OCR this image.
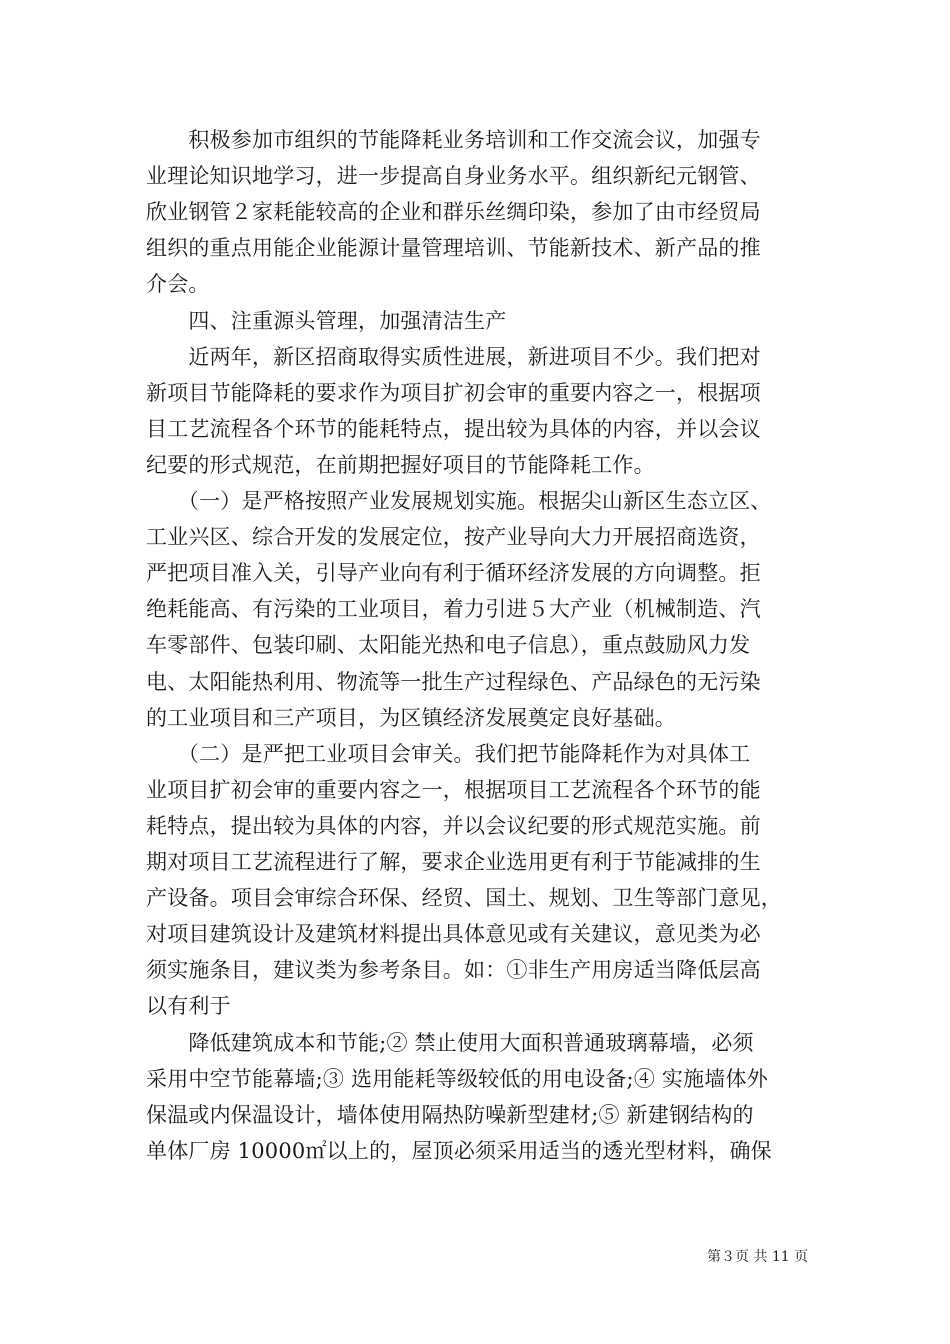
　　积极参加市组织的节能降耗业务培训和工作交流会议，加强专
业理论知识地学习，进一步提高自身业务水平。组织新纪元钢管、
欣业钢管２家耗能较高的企业和群乐丝绸印染，参加了由市经贸局
组织的重点用能企业能源计量管理培训、节能新技术、新产品的推
介会。
　　四、注重源头管理，加强清洁生产
　　近两年，新区招商取得实质性进展，新进项目不少。我们把对
新项目节能降耗的要求作为项目扩初会审的重要内容之一，根据项
目工艺流程各个环节的能耗特点，提出较为具体的内容，并以会议
纪要的形式规范，在前期把握好项目的节能降耗工作。
　　（一）是严格按照产业发展规划实施。根据尖山新区生态立区、
工业兴区、综合开发的发展定位，按产业导向大力开展招商选资，
严把项目准入关，引导产业向有利于循环经济发展的方向调整。拒
绝耗能高、有污染的工业项目，着力引进５大产业（机械制造、汽
车零部件、包装印刷、太阳能光热和电子信息），重点鼓励风力发
电、太阳能热利用、物流等一批生产过程绿色、产品绿色的无污染
的工业项目和三产项目，为区镇经济发展奠定良好基础。
　　（二）是严把工业项目会审关。我们把节能降耗作为对具体工
业项目扩初会审的重要内容之一，根据项目工艺流程各个环节的能
耗特点，提出较为具体的内容，并以会议纪要的形式规范实施。前
期对项目工艺流程进行了解，要求企业选用更有利于节能减排的生
产设备。项目会审综合环保、经贸、国土、规划、卫生等部门意见，
对项目建筑设计及建筑材料提出具体意见或有关建议，意见类为必
须实施条目，建议类为参考条目。如：①非生产用房适当降低层高
以有利于
　　降低建筑成本和节能;② 禁止使用大面积普通玻璃幕墙，必须
采用中空节能幕墙;③ 选用能耗等级较低的用电设备;④ 实施墙体外
保温或内保温设计，墙体使用隔热防噪新型建材;⑤ 新建钢结构的
单体厂房 10000㎡以上的，屋顶必须采用适当的透光型材料，确保
第３页 共 11 页
